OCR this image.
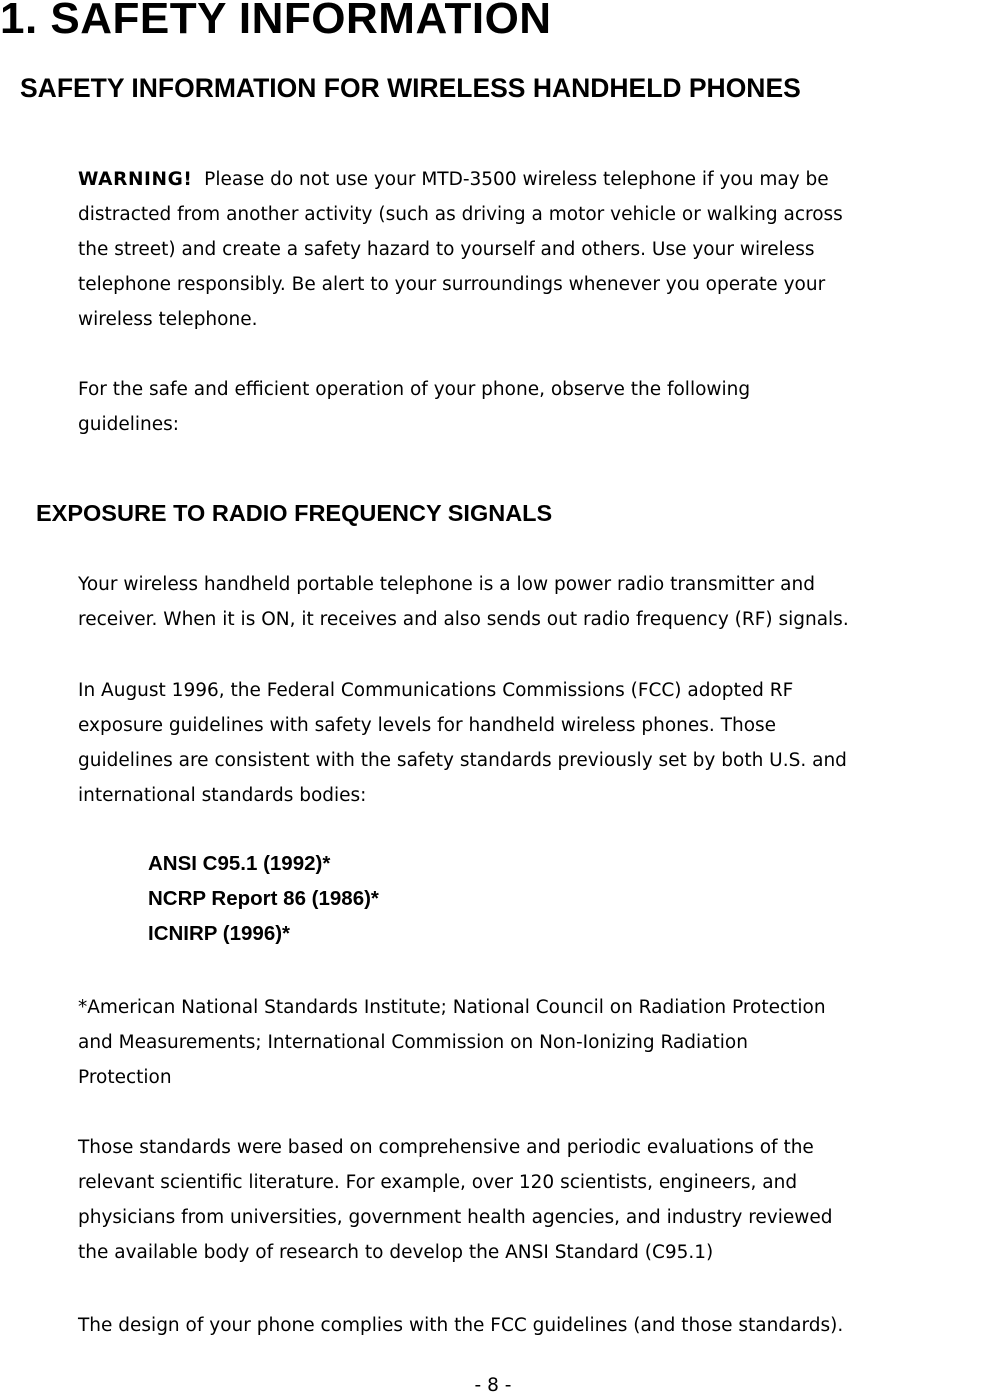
1. SAFETY INFORMATION
SAFETY INFORMATION FOR WIRELESS HANDHELD PHONES
WARNING!  Please do not use your MTD-3500 wireless telephone if you may be
distracted from another activity (such as driving a motor vehicle or walking across
the street) and create a safety hazard to yourself and others. Use your wireless
telephone responsibly. Be alert to your surroundings whenever you operate your
wireless telephone.
For the safe and efficient operation of your phone, observe the following
guidelines:
EXPOSURE TO RADIO FREQUENCY SIGNALS
Your wireless handheld portable telephone is a low power radio transmitter and
receiver. When it is ON, it receives and also sends out radio frequency (RF) signals.
In August 1996, the Federal Communications Commissions (FCC) adopted RF
exposure guidelines with safety levels for handheld wireless phones. Those
guidelines are consistent with the safety standards previously set by both U.S. and
international standards bodies:
ANSI C95.1 (1992)*
NCRP Report 86 (1986)*
ICNIRP (1996)*
*American National Standards Institute; National Council on Radiation Protection
and Measurements; International Commission on Non-Ionizing Radiation
Protection
Those standards were based on comprehensive and periodic evaluations of the
relevant scientific literature. For example, over 120 scientists, engineers, and
physicians from universities, government health agencies, and industry reviewed
the available body of research to develop the ANSI Standard (C95.1)
The design of your phone complies with the FCC guidelines (and those standards).
- 8 -
